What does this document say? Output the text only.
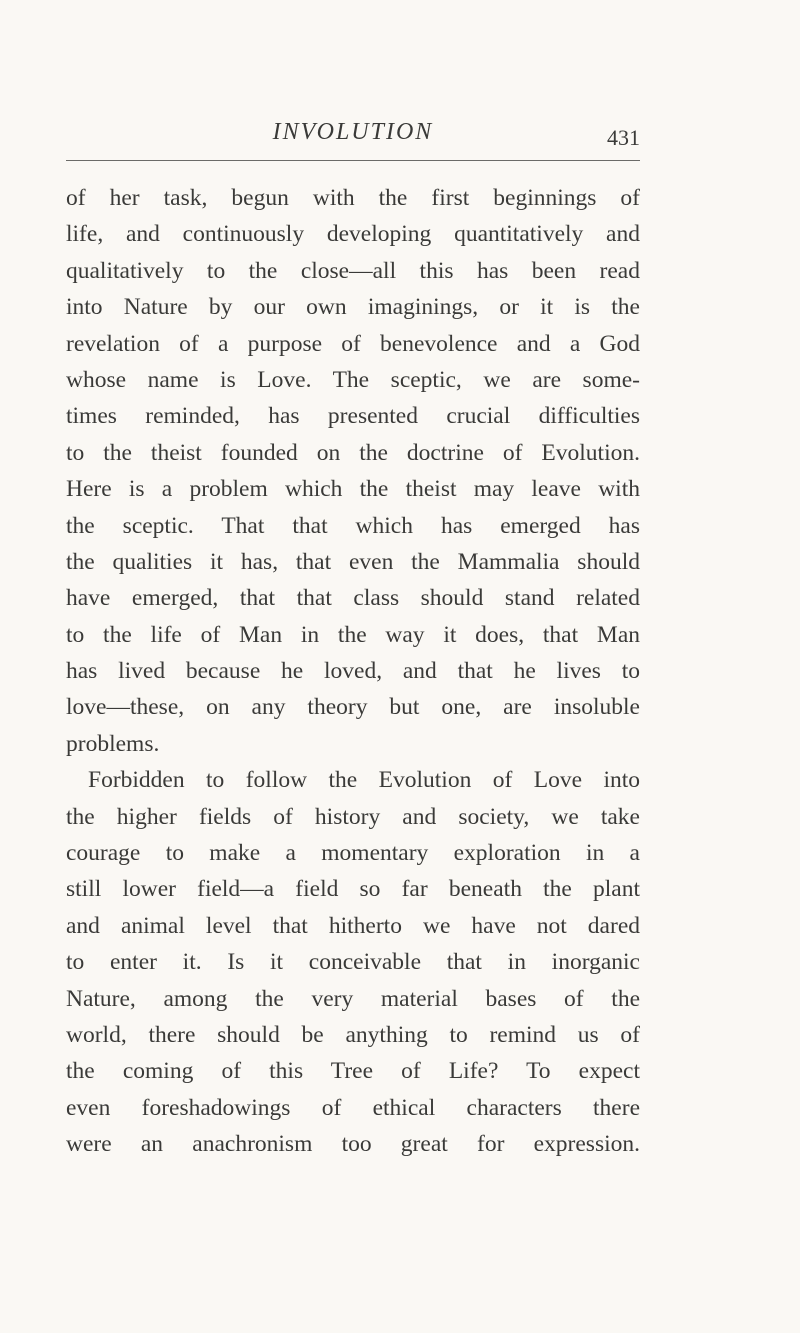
INVOLUTION	431
of her task, begun with the first beginnings of
life, and continuously developing quantitatively and
qualitatively to the close—all this has been read
into Nature by our own imaginings, or it is the
revelation of a purpose of benevolence and a God
whose name is Love. The sceptic, we are some-
times reminded, has presented crucial difficulties
to the theist founded on the doctrine of Evolution.
Here is a problem which the theist may leave with
the sceptic. That that which has emerged has
the qualities it has, that even the Mammalia should
have emerged, that that class should stand related
to the life of Man in the way it does, that Man
has lived because he loved, and that he lives to
love—these, on any theory but one, are insoluble
problems.
Forbidden to follow the Evolution of Love into
the higher fields of history and society, we take
courage to make a momentary exploration in a
still lower field—a field so far beneath the plant
and animal level that hitherto we have not dared
to enter it. Is it conceivable that in inorganic
Nature, among the very material bases of the
world, there should be anything to remind us of
the coming of this Tree of Life? To expect
even foreshadowings of ethical characters there
were an anachronism too great for expression.
